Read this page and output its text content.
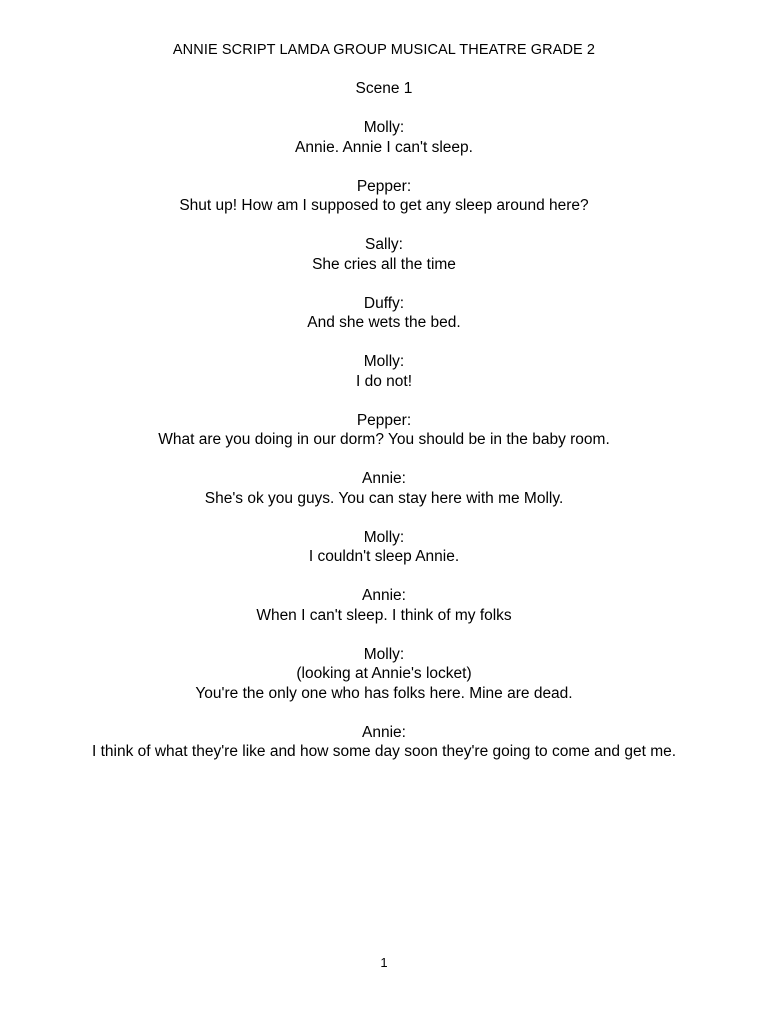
ANNIE SCRIPT LAMDA GROUP MUSICAL THEATRE GRADE 2
Scene 1
Molly:
Annie. Annie I can't sleep.
Pepper:
Shut up! How am I supposed to get any sleep around here?
Sally:
She cries all the time
Duffy:
And she wets the bed.
Molly:
I do not!
Pepper:
What are you doing in our dorm? You should be in the baby room.
Annie:
She's ok you guys. You can stay here with me Molly.
Molly:
I couldn't sleep Annie.
Annie:
When I can't sleep. I think of my folks
Molly:
(looking at Annie's locket)
You're the only one who has folks here. Mine are dead.
Annie:
I think of what they're like and how some day soon they're going to come and get me.
1
